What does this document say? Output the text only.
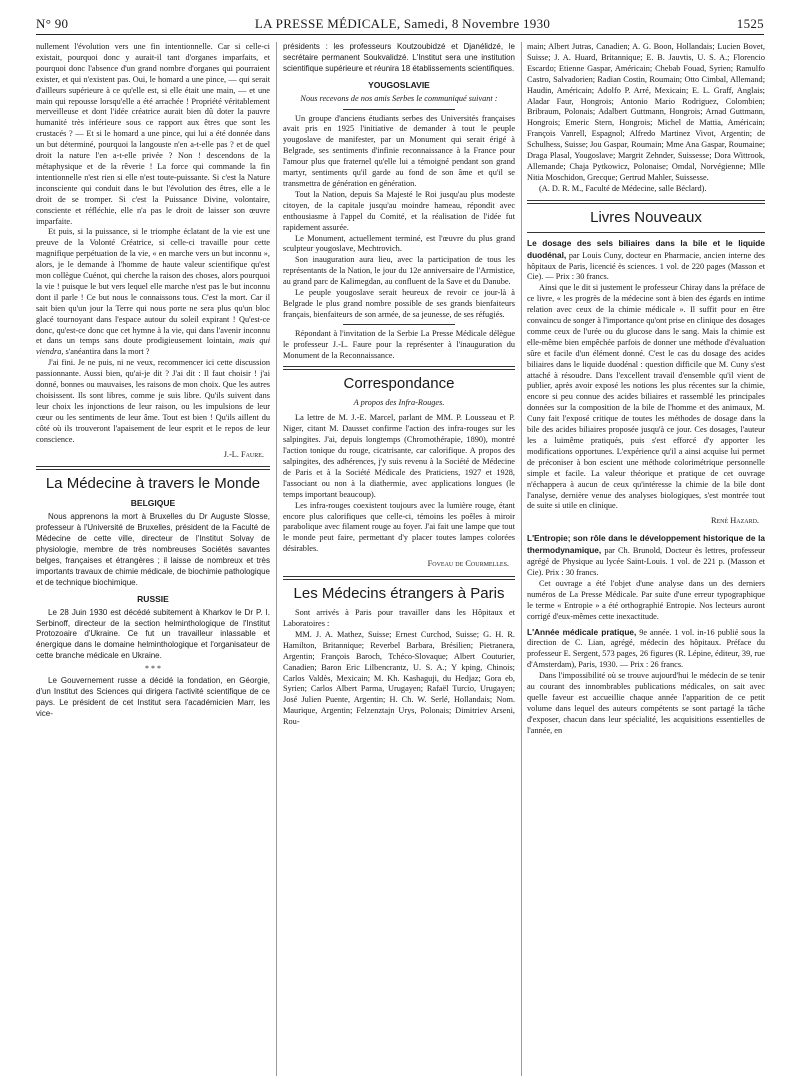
N° 90	LA PRESSE MÉDICALE, Samedi, 8 Novembre 1930	1525

nullement l'évolution vers une fin intentionnelle. Car si celle-ci existait, pourquoi donc y aurait-il tant d'organes imparfaits, et pourquoi donc l'absence d'un grand nombre d'organes qui pourraient exister, et qui n'existent pas. Oui, le homard a une pince, — qui serait d'ailleurs supérieure à ce qu'elle est, si elle était une main, — et une main qui repousse lorsqu'elle a été arrachée ! Propriété véritablement merveilleuse et dont l'idée créatrice aurait bien dû doter la pauvre humanité très inférieure sous ce rapport aux êtres que sont les crustacés ? — Et si le homard a une pince, qui lui a été donnée dans un but déterminé, pourquoi la langouste n'en a-t-elle pas ? et de quel droit la nature l'en a-t-elle privée ? Non ! descendons de la métaphysique et de la rêverie ! La force qui commande la fin intentionnelle n'est rien si elle n'est toute-puissante. Si c'est la Nature inconsciente qui conduit dans le but l'évolution des êtres, elle a le droit de se tromper. Si c'est la Puissance Divine, volontaire, consciente et réfléchie, elle n'a pas le droit de laisser son œuvre imparfaite.

Et puis, si la puissance, si le triomphe éclatant de la vie est une preuve de la Volonté Créatrice, si celle-ci travaille pour cette magnifique perpétuation de la vie, « en marche vers un but inconnu », alors, je le demande à l'homme de haute valeur scientifique qu'est mon collègue Cuénot, qui cherche la raison des choses, alors pourquoi la vie ! puisque le but vers lequel elle marche n'est pas le but inconnu dont il parle ! Ce but nous le connaissons tous. C'est la mort. Car il sait bien qu'un jour la Terre qui nous porte ne sera plus qu'un bloc glacé tournoyant dans l'espace autour du soleil expirant ! Qu'est-ce donc, qu'est-ce donc que cet hymne à la vie, qui dans l'avenir inconnu et dans un temps sans doute prodigieusement lointain, mais qui viendra, s'anéantira dans la mort ?

J'ai fini. Je ne puis, ni ne veux, recommencer ici cette discussion passionnante. Aussi bien, qu'ai-je dit ? J'ai dit : Il faut choisir ! j'ai donné, bonnes ou mauvaises, les raisons de mon choix. Que les autres choisissent. Ils sont libres, comme je suis libre. Qu'ils suivent dans leur choix les injonctions de leur raison, ou les impulsions de leur cœur ou les sentiments de leur âme. Tout est bien ! Qu'ils aillent du côté où ils trouveront l'apaisement de leur esprit et le repos de leur conscience.

J.-L. Faure.
La Médecine à travers le Monde
BELGIQUE

Nous apprenons la mort à Bruxelles du Dr Auguste Slosse, professeur à l'Université de Bruxelles, président de la Faculté de Médecine de cette ville, directeur de l'Institut Solvay de physiologie, membre de très nombreuses Sociétés savantes belges, françaises et étrangères ; il laisse de nombreux et très importants travaux de chimie médicale, de biochimie pathologique et de technique biochimique.

RUSSIE

Le 28 Juin 1930 est décédé subitement à Kharkov le Dr P. I. Serbinoff, directeur de la section helminthologique de l'Institut Protozoaire d'Ukraine. Ce fut un travailleur inlassable et énergique dans le domaine helminthologique et l'organisateur de cette branche médicale en Ukraine.

* * *

Le Gouvernement russe a décidé la fondation, en Géorgie, d'un Institut des Sciences qui dirigera l'activité scientifique de ce pays. Le président de cet Institut sera l'académicien Marr, les vice-

présidents : les professeurs Koutzoubidzé et Djanélidzé, le secrétaire permanent Soukvalidzé. L'Institut sera une institution scientifique supérieure et réunira 18 établissements scientifiques.

YOUGOSLAVIE
Nous recevons de nos amis Serbes le communiqué suivant :

Un groupe d'anciens étudiants serbes des Universités françaises avait pris en 1925 l'initiative de demander à tout le peuple yougoslave de manifester, par un Monument qui serait érigé à Belgrade, ses sentiments d'infinie reconnaissance à la France pour l'amour plus que fraternel qu'elle lui a témoigné pendant son grand martyr, sentiments qu'il garde au fond de son âme et qu'il se transmettra de génération en génération.

Tout la Nation, depuis Sa Majesté le Roi jusqu'au plus modeste citoyen, de la capitale jusqu'au moindre hameau, répondit avec enthousiasme à l'appel du Comité, et la réalisation de l'idée fut rapidement assurée.

Le Monument, actuellement terminé, est l'œuvre du plus grand sculpteur yougoslave, Mechtrovich.

Son inauguration aura lieu, avec la participation de tous les représentants de la Nation, le jour du 12e anniversaire de l'Armistice, au grand parc de Kalimegdan, au confluent de la Save et du Danube.

Le peuple yougoslave serait heureux de revoir ce jour-là à Belgrade le plus grand nombre possible de ses grands bienfaiteurs français, bienfaiteurs de son armée, de sa jeunesse, de ses réfugiés.

Répondant à l'invitation de la Serbie La Presse Médicale délègue le professeur J.-L. Faure pour la représenter à l'inauguration du Monument de la Reconnaissance.

Correspondance
A propos des Infra-Rouges.

La lettre de M. J.-E. Marcel, parlant de MM. P. Lousseau et P. Niger, citant M. Dausset confirme l'action des infra-rouges sur les salpingites. J'ai, depuis longtemps (Chromothérapie, 1890), montré l'action tonique du rouge, cicatrisante, car calorifique. A propos des salpingites, des adhérences, j'y suis revenu à la Société de Médecine de Paris et à la Société Médicale des Praticiens, 1927 et 1928, l'associant ou non à la diathermie, avec applications longues (le temps important beaucoup).

Les infra-rouges coexistent toujours avec la lumière rouge, étant encore plus calorifiques que celle-ci, témoins les poêles à miroir parabolique avec filament rouge au foyer. J'ai fait une lampe que tout le monde peut faire, permettant d'y placer toutes lampes colorées désirables.

Foveau de Courmelles.
Les Médecins étrangers à Paris

Sont arrivés à Paris pour travailler dans les Hôpitaux et Laboratoires :

MM. J. A. Mathez, Suisse; Ernest Curchod, Suisse; G. H. R. Hamilton, Britannique; Reverbel Barbara, Brésilien; Pietranera, Argentin; François Baroch, Tchéco-Slovaque; Albert Couturier, Canadien; Baron Eric Lilbencrantz, U. S. A.; Y kping, Chinois; Carlos Valdès, Mexicain; M. Kh. Kashaguji, du Hedjaz; Gora eb, Syrien; Carlos Albert Parma, Urugayen; Rafaël Turcio, Urugayen; José Julien Puente, Argentin; H. Ch. W. Serlé, Hollandais; Nom. Maurique, Argentin; Felzenztajn Urys, Polonais; Dimitriev Arseni, Rou-

main; Albert Jutras, Canadien; A. G. Boon, Hollandais; Lucien Bovet, Suisse; J. A. Huard, Britannique; E. B. Jauvtis, U. S. A.; Florencio Escardo; Etienne Gaspar, Américain; Chebab Fouad, Syrien; Ramulfo Castro, Salvadorien; Radian Costin, Roumain; Otto Cimbal, Allemand; Haudin, Américain; Adolfo P. Arré, Mexicain; E. L. Graff, Anglais; Aladar Faur, Hongrois; Antonio Mario Rodriguez, Colombien; Bribraum, Polonais; Adalbert Guttmann, Hongrois; Arnad Guttmann, Hongrois; Emeric Stern, Hongrois; Michel de Mattia, Américain; François Vanrell, Espagnol; Alfredo Martinez Vivot, Argentin; de Schulhess, Suisse; Jou Gaspar, Roumain; Mme Ana Gaspar, Roumaine; Draga Plasal, Yougoslave; Margrit Zehnder, Suissesse; Dora Wittrook, Allemande; Chaja Pytkowicz, Polonaise; Omdal, Norvégienne; Mlle Nitia Moschidon, Grecque; Gertrud Mahler, Suissesse.

(A. D. R. M., Faculté de Médecine, salle Béclard).

Livres Nouveaux

Le dosage des sels biliaires dans la bile et le liquide duodénal, par Louis Cuny, docteur en Pharmacie, ancien interne des hôpitaux de Paris, licencié ès sciences. 1 vol. de 220 pages (Masson et Cie). — Prix : 30 francs.

Ainsi que le dit si justement le professeur Chiray dans la préface de ce livre, « les progrès de la médecine sont à bien des égards en intime relation avec ceux de la chimie médicale ». Il suffit pour en être convaincu de songer à l'importance qu'ont prise en clinique des dosages comme ceux de l'urée ou du glucose dans le sang. Mais la chimie est elle-même bien empêchée parfois de donner une méthode d'évaluation sûre et facile d'un élément donné. C'est le cas du dosage des acides biliaires dans le liquide duodénal : question difficile que M. Cuny s'est attaché à résoudre. Dans l'excellent travail d'ensemble qu'il vient de publier, après avoir exposé les notions les plus récentes sur la chimie, encore si peu connue des acides biliaires et rassemblé les principales données sur la composition de la bile de l'homme et des animaux, M. Cuny fait l'exposé critique de toutes les méthodes de dosage dans la bile des acides biliaires proposée jusqu'à ce jour. Ces dosages, l'auteur les a luimême pratiqués, puis s'est efforcé d'y apporter les modifications opportunes. L'expérience qu'il a ainsi acquise lui permet de préconiser à bon escient une méthode colorimétrique personnelle simple et facile. La valeur théorique et pratique de cet ouvrage n'échappera à aucun de ceux qu'intéresse la chimie de la bile dont l'analyse, dernière venue des analyses biologiques, s'est montrée tout de suite si utile en clinique.

René Hazard.

L'Entropie; son rôle dans le développement historique de la thermodynamique, par Ch. Brunold, Docteur ès lettres, professeur agrégé de Physique au lycée Saint-Louis. 1 vol. de 221 p. (Masson et Cie). Prix : 30 francs.

Cet ouvrage a été l'objet d'une analyse dans un des derniers numéros de La Presse Médicale. Par suite d'une erreur typographique le terme « Entropie » a été orthographié Entropie. Nos lecteurs auront corrigé d'eux-mêmes cette inexactitude.

L'Année médicale pratique, 9e année. 1 vol. in-16 publié sous la direction de C. Lian, agrégé, médecin des hôpitaux. Préface du professeur E. Sergent, 573 pages, 26 figures (R. Lépine, éditeur, 39, rue d'Amsterdam), Paris, 1930. — Prix : 26 francs.

Dans l'impossibilité où se trouve aujourd'hui le médecin de se tenir au courant des innombrables publications médicales, on sait avec quelle faveur est accueillie chaque année l'apparition de ce petit volume dans lequel des auteurs compétents se sont partagé la tâche d'exposer, chacun dans leur spécialité, les acquisitions essentielles de l'année, en
